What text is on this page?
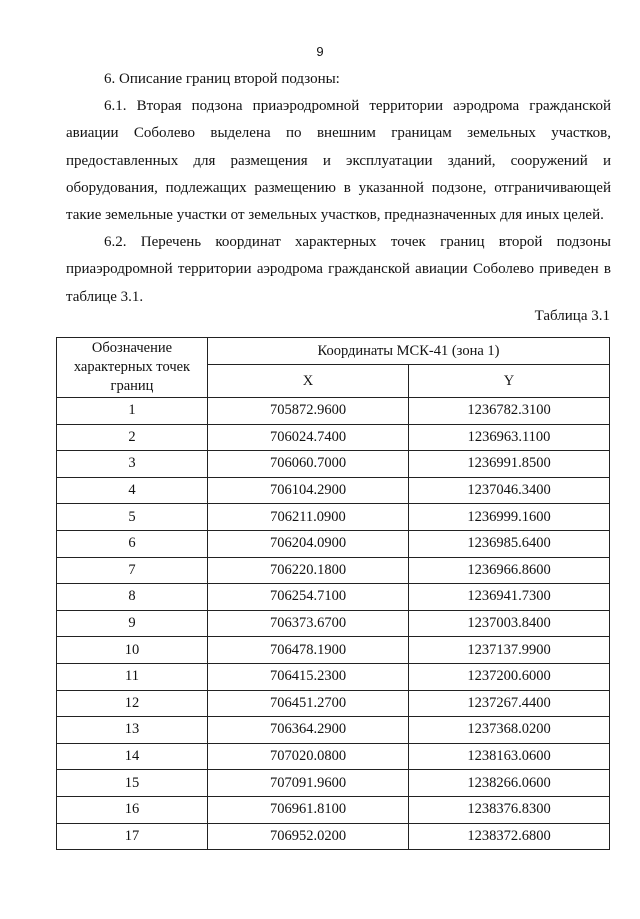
9
6. Описание границ второй подзоны:
6.1. Вторая подзона приаэродромной территории аэродрома гражданской авиации Соболево выделена по внешним границам земельных участков, предоставленных для размещения и эксплуатации зданий, сооружений и оборудования, подлежащих размещению в указанной подзоне, отграничивающей такие земельные участки от земельных участков, предназначенных для иных целей.
6.2. Перечень координат характерных точек границ второй подзоны приаэродромной территории аэродрома гражданской авиации Соболево приведен в таблице 3.1.
Таблица 3.1
Обозначение характерных точек границ	Координаты МСК-41 (зона 1)	
	X	Y
1	705872.9600	1236782.3100
2	706024.7400	1236963.1100
3	706060.7000	1236991.8500
4	706104.2900	1237046.3400
5	706211.0900	1236999.1600
6	706204.0900	1236985.6400
7	706220.1800	1236966.8600
8	706254.7100	1236941.7300
9	706373.6700	1237003.8400
10	706478.1900	1237137.9900
11	706415.2300	1237200.6000
12	706451.2700	1237267.4400
13	706364.2900	1237368.0200
14	707020.0800	1238163.0600
15	707091.9600	1238266.0600
16	706961.8100	1238376.8300
17	706952.0200	1238372.6800
